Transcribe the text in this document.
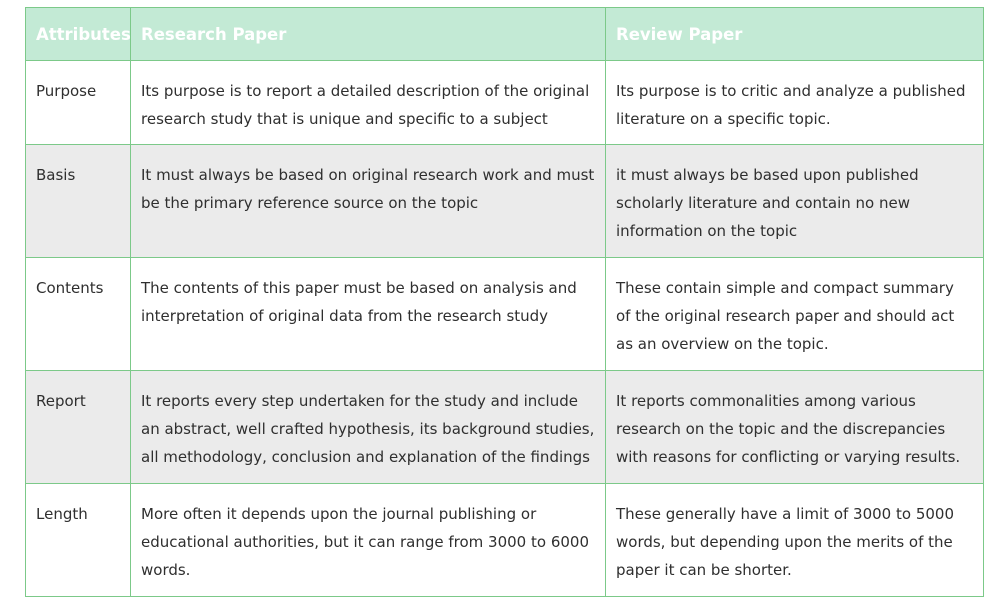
Attributes	Research Paper	Review Paper
Purpose	Its purpose is to report a detailed description of the original research study that is unique and specific to a subject	Its purpose is to critic and analyze a published literature on a specific topic.
Basis	It must always be based on original research work and must be the primary reference source on the topic	it must always be based upon published scholarly literature and contain no new information on the topic
Contents	The contents of this paper must be based on analysis and interpretation of original data from the research study	These contain simple and compact summary of the original research paper and should act as an overview on the topic.
Report	It reports every step undertaken for the study and include an abstract, well crafted hypothesis, its background studies, all methodology, conclusion and explanation of the findings	It reports commonalities among various research on the topic and the discrepancies with reasons for conflicting or varying results.
Length	More often it depends upon the journal publishing or educational authorities, but it can range from 3000 to 6000 words.	These generally have a limit of 3000 to 5000 words, but depending upon the merits of the paper it can be shorter.
